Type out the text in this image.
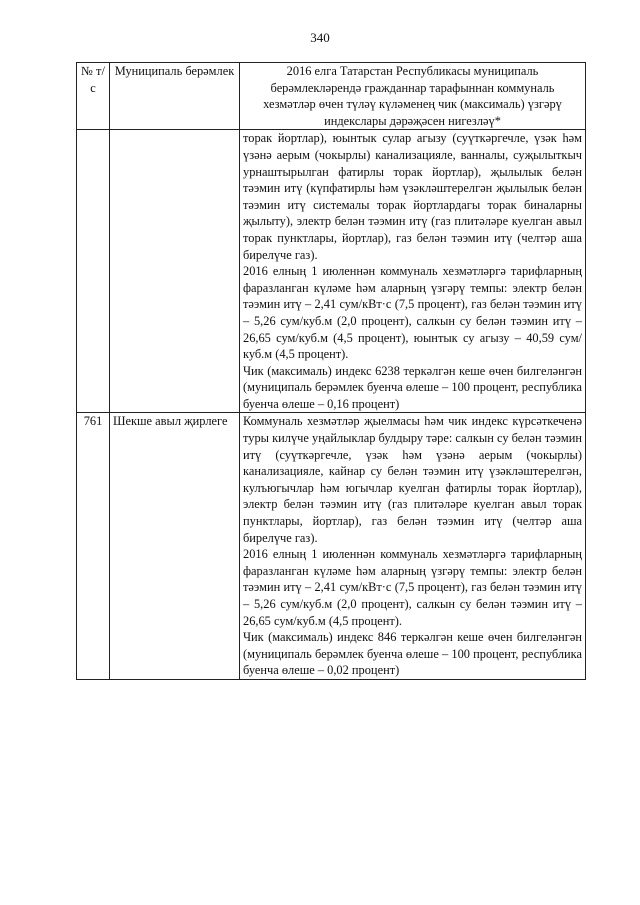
340
№ т/с	Муниципаль берәмлек	2016 елга Татарстан Республикасы муниципаль берәмлекләрендә гражданнар тарафыннан коммуналь хезмәтләр өчен түләү күләменең чик (максималь) үзгәрү индекслары дәрәҗәсен нигезләү*

		торак йортлар), юынтык сулар агызу (суүткәргечле, үзәк һәм үзәнә аерым (чокырлы) канализацияле, ванналы, суҗылыткыч урнаштырылган фатирлы торак йортлар), җылылык белән тәэмин итү (күпфатирлы һәм үзәкләштерелгән җылылык белән тәэмин итү системалы торак йортлардагы торак биналарны җылыту), электр белән тәэмин итү (газ плитәләре куелган авыл торак пунктлары, йортлар), газ белән тәэмин итү (челтәр аша бирелүче газ).

2016 елның 1 июленнән коммуналь хезмәтләргә тарифларның фаразланган күләме һәм аларның үзгәрү темпы: электр белән тәэмин итү – 2,41 сум/кВт·с (7,5 процент), газ белән тәэмин итү – 5,26 сум/куб.м (2,0 процент), салкын су белән тәэмин итү – 26,65 сум/куб.м (4,5 процент), юынтык су агызу – 40,59 сум/куб.м (4,5 процент).

Чик (максималь) индекс 6238 теркәлгән кеше өчен билгеләнгән (муниципаль берәмлек буенча өлеше – 100 процент, республика буенча өлеше – 0,16 процент)

761	Шекшe авыл җирлеге	Коммуналь хезмәтләр җыелмасы һәм чик индекс күрсәткеченә туры килүче уңайлыклар булдыру тәре: салкын су белән тәэмин итү (суүткәргечле, үзәк һәм үзәнә аерым (чокырлы) канализацияле, кайнар су белән тәэмин итү үзәкләштерелгән, кулъюгычлар һәм югычлар куелган фатирлы торак йортлар), электр белән тәэмин итү (газ плитәләре куелган авыл торак пунктлары, йортлар), газ белән тәэмин итү (челтәр аша бирелүче газ).

2016 елның 1 июленнән коммуналь хезмәтләргә тарифларның фаразланган күләме һәм аларның үзгәрү темпы: электр белән тәэмин итү – 2,41 сум/кВт·с (7,5 процент), газ белән тәэмин итү – 5,26 сум/куб.м (2,0 процент), салкын су белән тәэмин итү – 26,65 сум/куб.м (4,5 процент).

Чик (максималь) индекс 846 теркәлгән кеше өчен билгеләнгән (муниципаль берәмлек буенча өлеше – 100 процент, республика буенча өлеше – 0,02 процент)
